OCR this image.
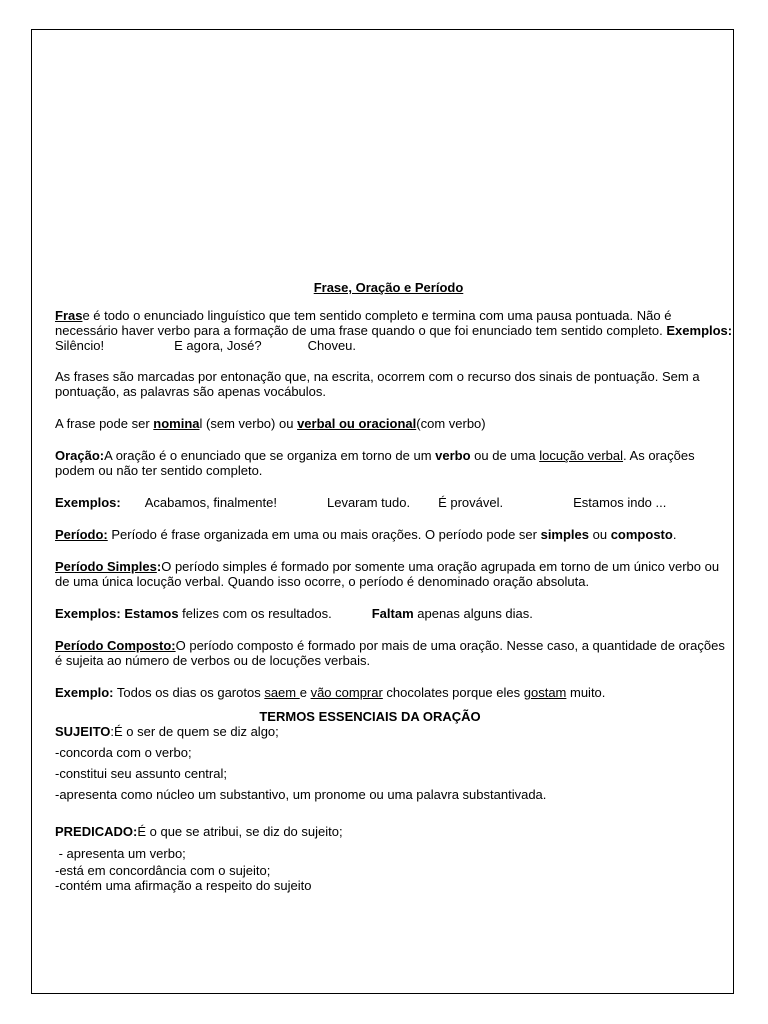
Frase, Oração e Período

Frase é todo o enunciado linguístico que tem sentido completo e termina com uma pausa pontuada. Não é necessário haver verbo para a formação de uma frase quando o que foi enunciado tem sentido completo. Exemplos: Silêncio!	E agora, José?	Choveu.

As frases são marcadas por entonação que, na escrita, ocorrem com o recurso dos sinais de pontuação. Sem a pontuação, as palavras são apenas vocábulos.

A frase pode ser nominal (sem verbo) ou verbal ou oracional(com verbo)

Oração:A oração é o enunciado que se organiza em torno de um verbo ou de uma locução verbal. As orações podem ou não ter sentido completo.

Exemplos: Acabamos, finalmente!	Levaram tudo. É provável.	Estamos indo ...

Período: Período é frase organizada em uma ou mais orações. O período pode ser simples ou composto.

Período Simples:O período simples é formado por somente uma oração agrupada em torno de um único verbo ou de uma única locução verbal. Quando isso ocorre, o período é denominado oração absoluta.

Exemplos: Estamos felizes com os resultados.	Faltam apenas alguns dias.

Período Composto:O período composto é formado por mais de uma oração. Nesse caso, a quantidade de orações é sujeita ao número de verbos ou de locuções verbais.

Exemplo: Todos os dias os garotos saem e vão comprar chocolates porque eles gostam muito.

TERMOS ESSENCIAIS DA ORAÇÃO

SUJEITO:É o ser de quem se diz algo;

-concorda com o verbo;

-constitui seu assunto central;

-apresenta como núcleo um substantivo, um pronome ou uma palavra substantivada.

PREDICADO:É o que se atribui, se diz do sujeito;

- apresenta um verbo;

-está em concordância com o sujeito;

-contém uma afirmação a respeito do sujeito
